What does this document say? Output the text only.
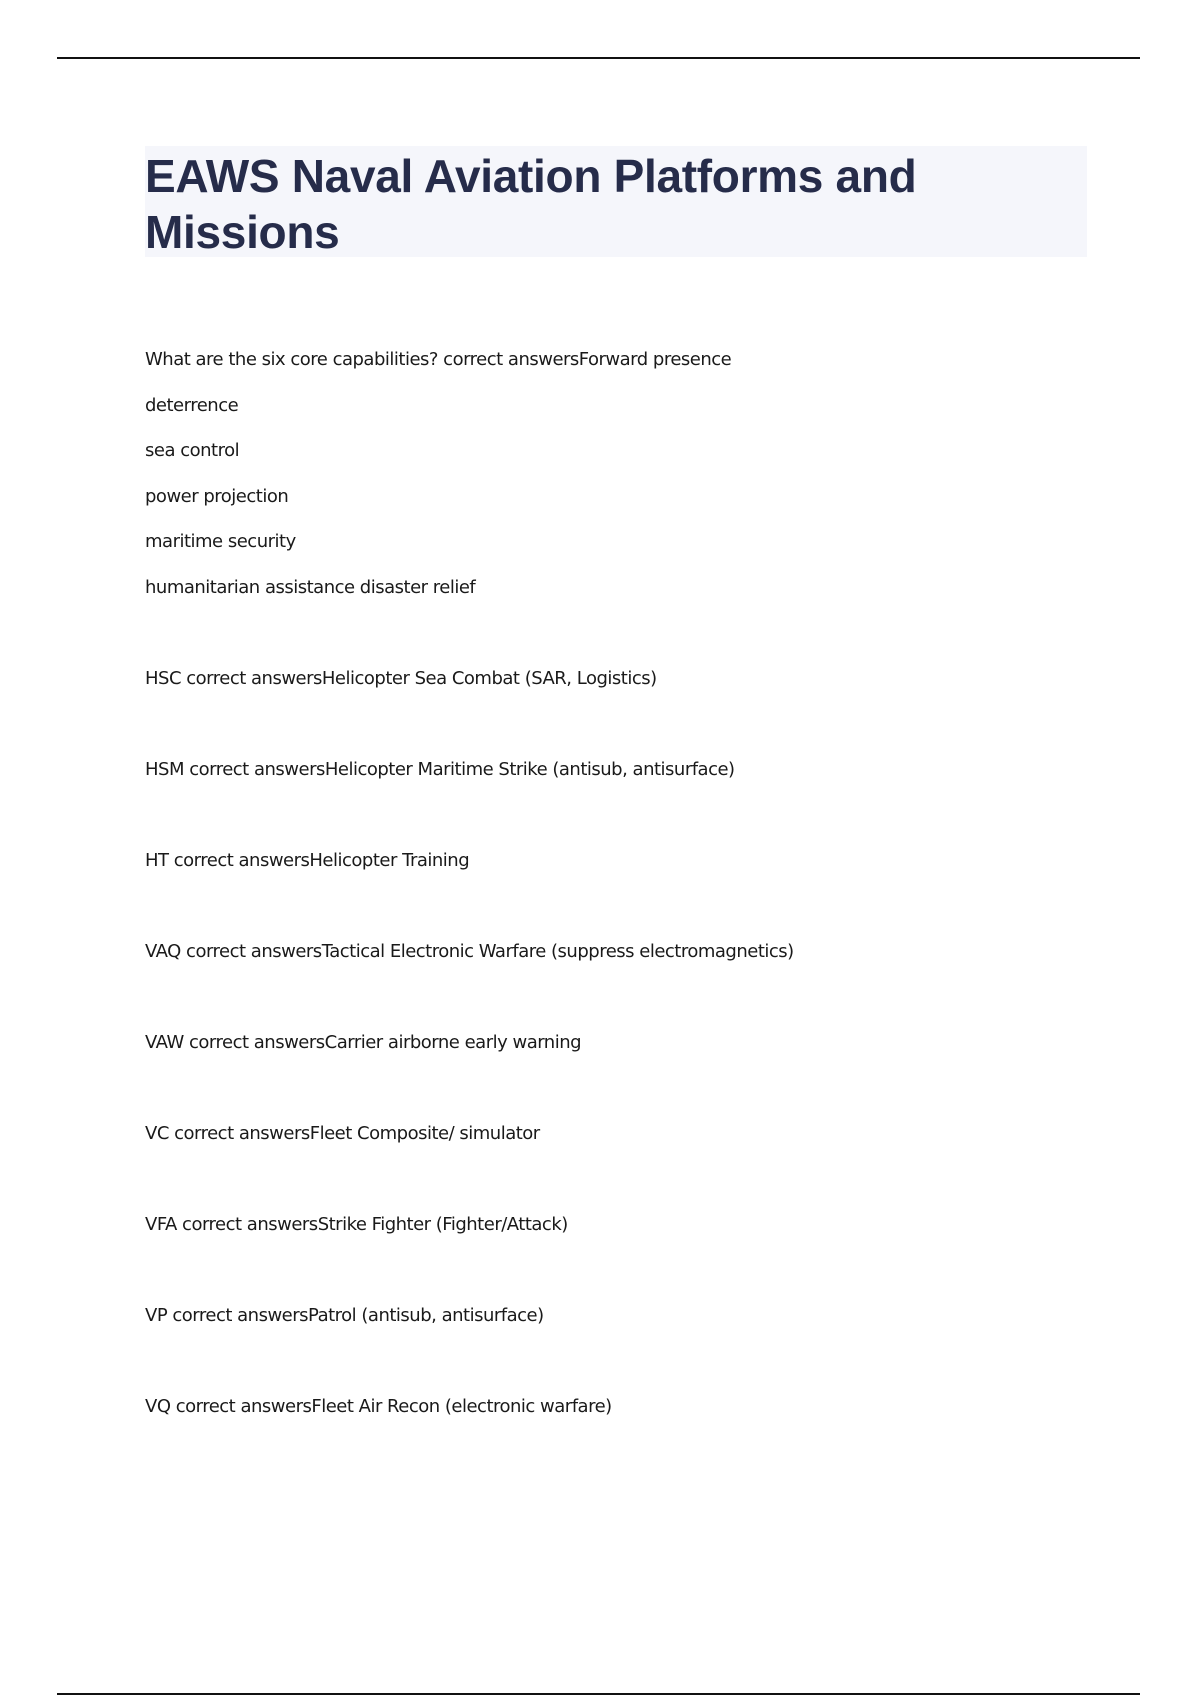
EAWS Naval Aviation Platforms and Missions
What are the six core capabilities? correct answersForward presence
deterrence
sea control
power projection
maritime security
humanitarian assistance disaster relief
HSC correct answersHelicopter Sea Combat (SAR, Logistics)
HSM correct answersHelicopter Maritime Strike (antisub, antisurface)
HT correct answersHelicopter Training
VAQ correct answersTactical Electronic Warfare (suppress electromagnetics)
VAW correct answersCarrier airborne early warning
VC correct answersFleet Composite/ simulator
VFA correct answersStrike Fighter (Fighter/Attack)
VP correct answersPatrol (antisub, antisurface)
VQ correct answersFleet Air Recon (electronic warfare)
